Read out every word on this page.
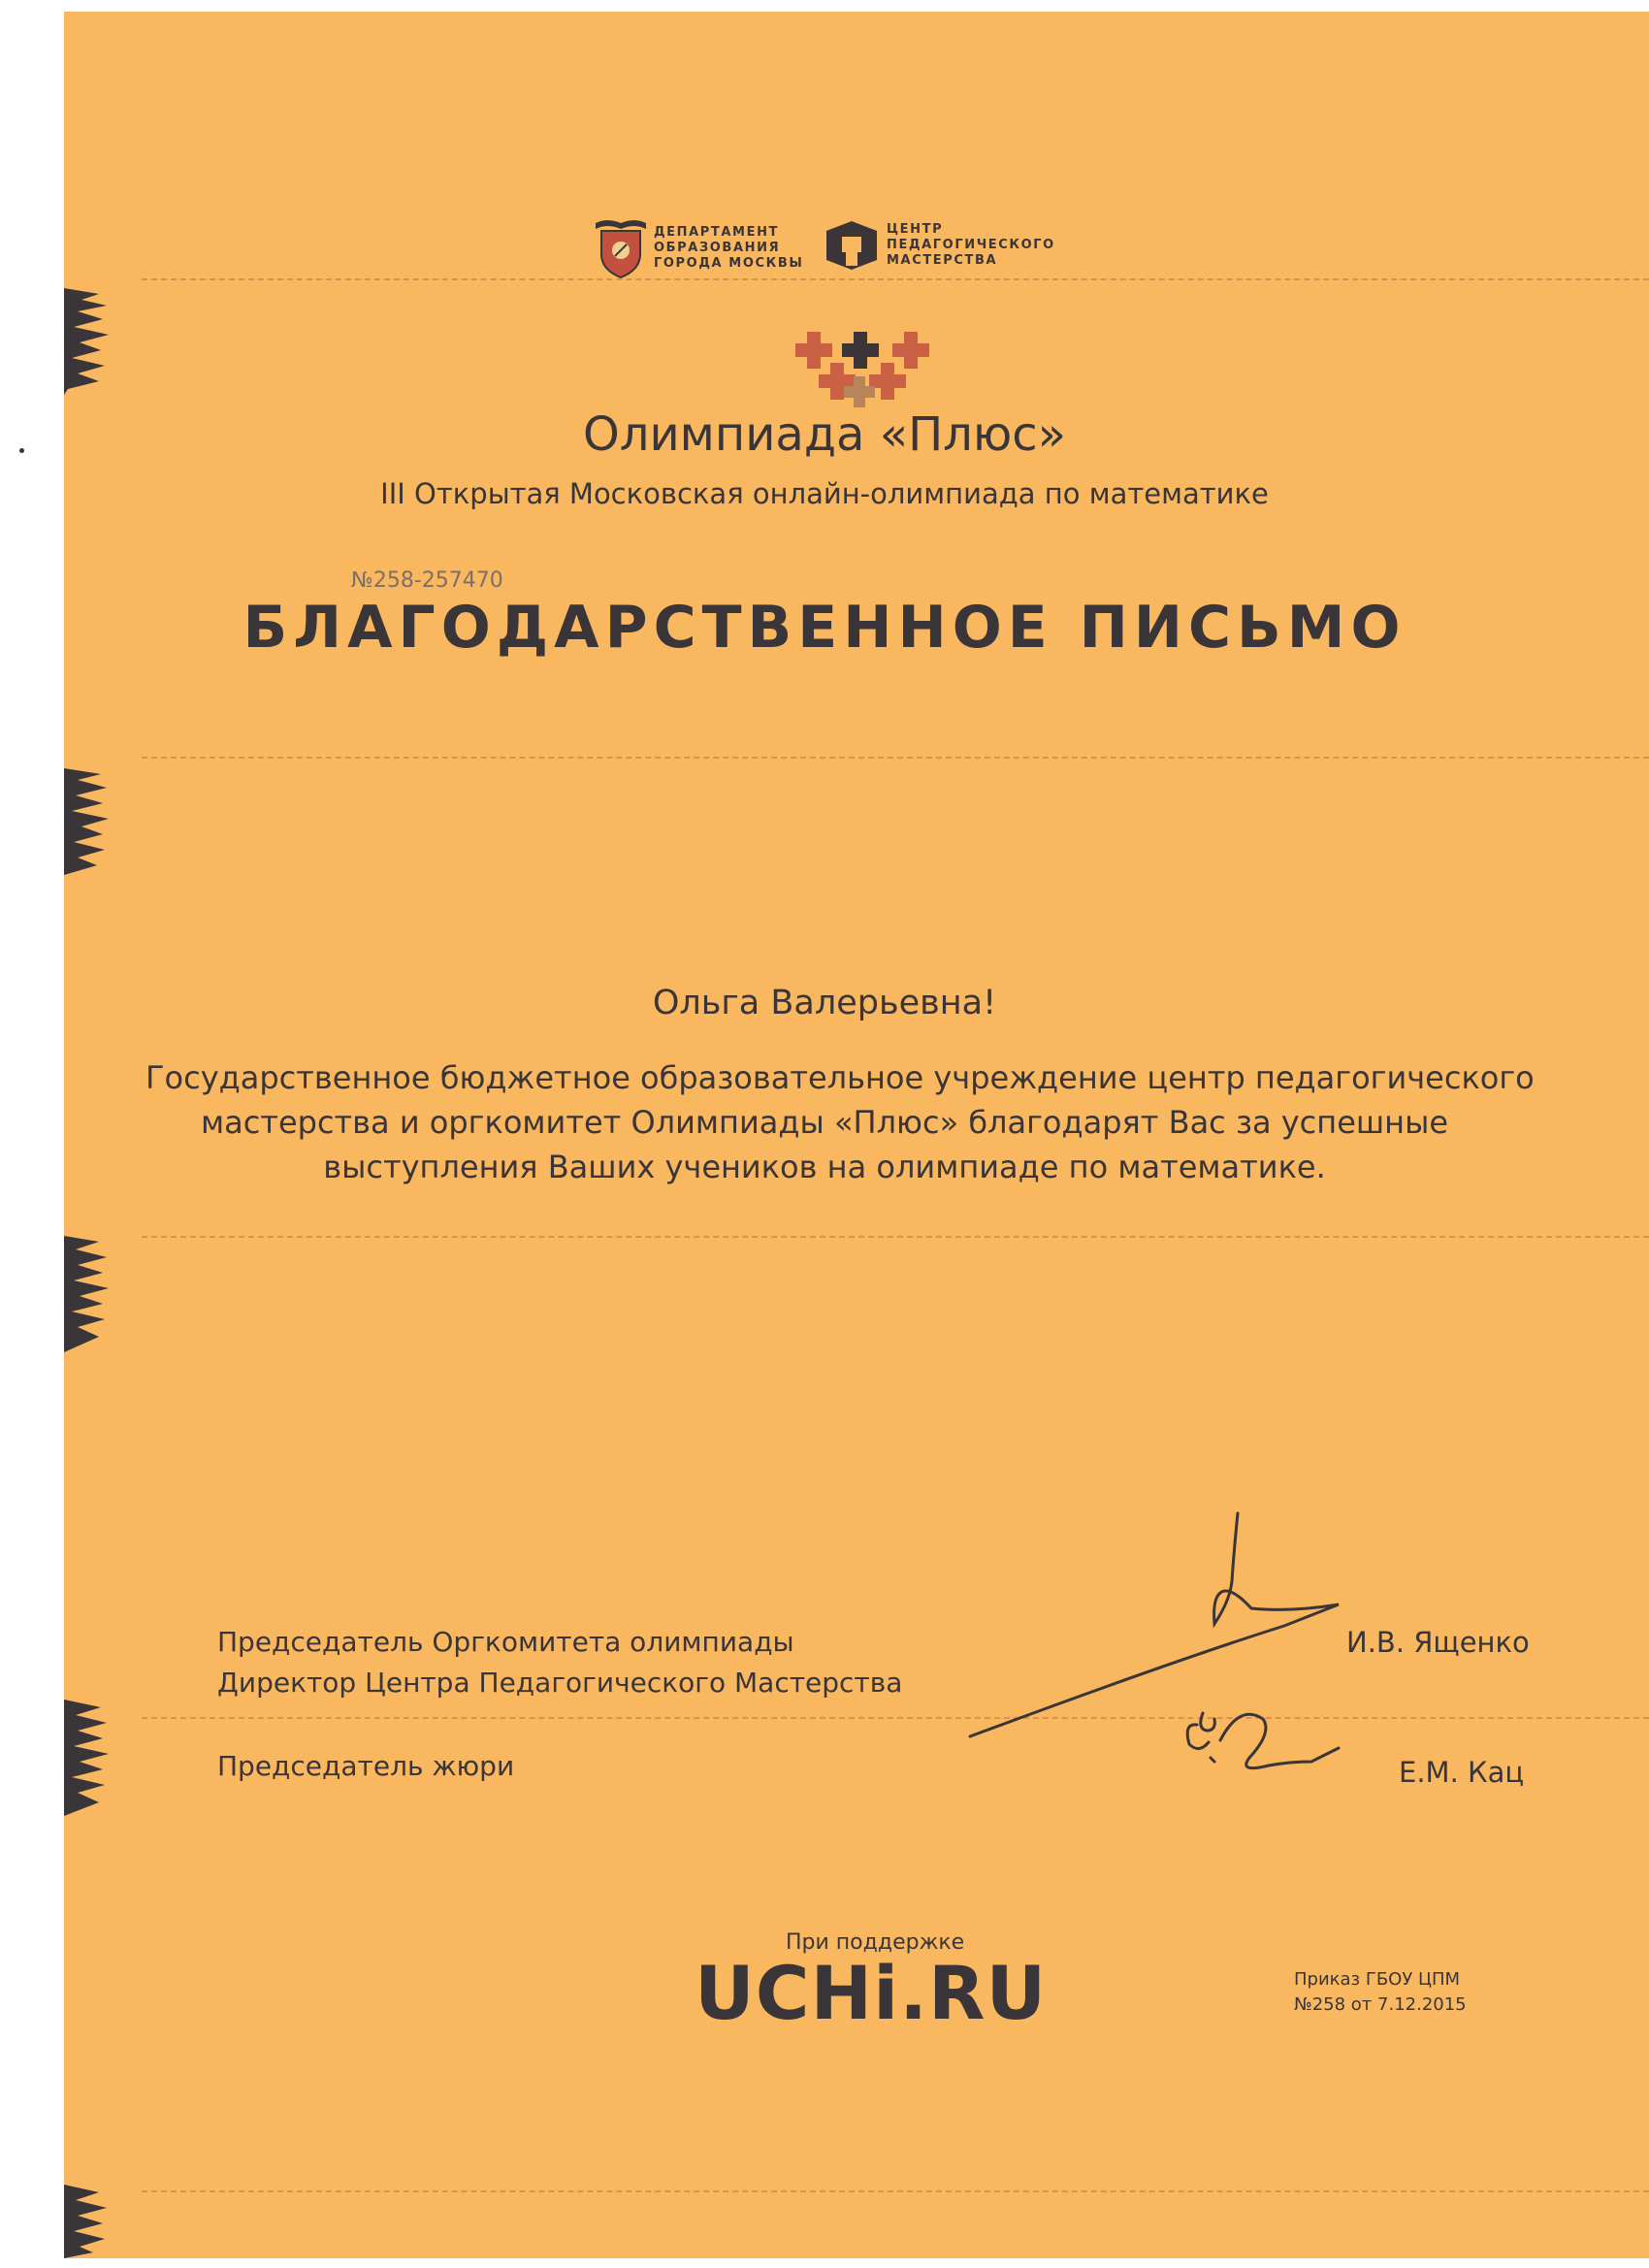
ДЕПАРТАМЕНТ
ОБРАЗОВАНИЯ
ГОРОДА МОСКВЫ
ЦЕНТР
ПЕДАГОГИЧЕСКОГО
МАСТЕРСТВА
Олимпиада «Плюс»
III Открытая Московская онлайн-олимпиада по математике
№258-257470
БЛАГОДАРСТВЕННОЕ ПИСЬМО
Ольга Валерьевна!
Государственное бюджетное образовательное учреждение центр педагогического
мастерства и оргкомитет Олимпиады «Плюс» благодарят Вас за успешные
выступления Ваших учеников на олимпиаде по математике.
Председатель Оргкомитета олимпиады
Директор Центра Педагогического Мастерства
Председатель жюри
И.В. Ященко
Е.М. Кац
При поддержке
UCHi.RU	Приказ ГБОУ ЦПМ
№258 от 7.12.2015
